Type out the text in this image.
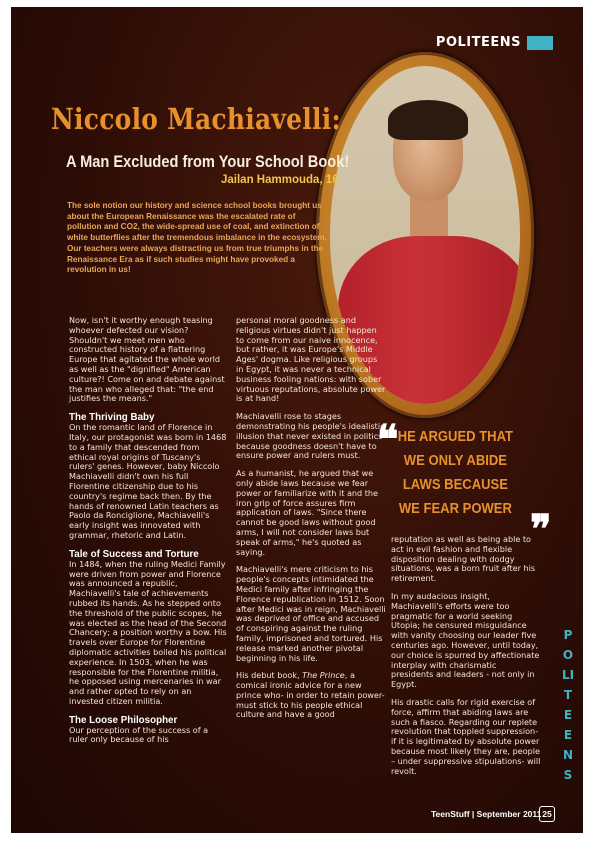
POLITEENS
Niccolo Machiavelli:
A Man Excluded from Your School Book!
Jailan Hammouda, 16

The sole notion our history and science school books brought us about the European Renaissance was the escalated rate of pollution and CO2, the wide-spread use of coal, and extinction of white butterflies after the tremendous imbalance in the ecosystem. Our teachers were always distracting us from true triumphs in the Renaissance Era as if such studies might have provoked a revolution in us!

Now, isn't it worthy enough teasing whoever defected our vision? Shouldn't we meet men who constructed history of a flattering Europe that agitated the whole world as well as the "dignified" American culture?! Come on and debate against the man who alleged that: "the end justifies the means."

The Thriving Baby

On the romantic land of Florence in Italy, our protagonist was born in 1468 to a family that descended from ethical royal origins of Tuscany's rulers' genes. However, baby Niccolo Machiavelli didn't own his full Florentine citizenship due to his country's regime back then. By the hands of renowned Latin teachers as Paolo da Ronciglione, Machiavelli's early insight was innovated with grammar, rhetoric and Latin.

Tale of Success and Torture

In 1484, when the ruling Medici Family were driven from power and Florence was announced a republic, Machiavelli's tale of achievements rubbed its hands. As he stepped onto the threshold of the public scopes, he was elected as the head of the Second Chancery; a position worthy a bow. His travels over Europe for Florentine diplomatic activities boiled his political experience. In 1503, when he was responsible for the Florentine militia, he opposed using mercenaries in war and rather opted to rely on an invested citizen militia.

The Loose Philosopher

Our perception of the success of a ruler only because of his

personal moral goodness and religious virtues didn't just happen to come from our naive innocence, but rather, it was Europe's Middle Ages' dogma. Like religious groups in Egypt, it was never a technical business fooling nations: with sober virtuous reputations, absolute power is at hand!

Machiavelli rose to stages demonstrating his people's idealistic illusion that never existed in politics because goodness doesn't have to ensure power and rulers must.

As a humanist, he argued that we only abide laws because we fear power or familiarize with it and the iron grip of force assures firm application of laws. "Since there cannot be good laws without good arms, I will not consider laws but speak of arms," he's quoted as saying.

Machiavelli's mere criticism to his people's concepts intimidated the Medici family after infringing the Florence republication in 1512. Soon after Medici was in reign, Machiavelli was deprived of office and accused of conspiring against the ruling family, imprisoned and tortured. His release marked another pivotal beginning in his life.

His debut book, The Prince, a comical ironic advice for a new prince who- in order to retain power- must stick to his people ethical culture and have a good

❝ HE ARGUED THAT
WE ONLY ABIDE
LAWS BECAUSE
WE FEAR POWER ❞

reputation as well as being able to act in evil fashion and flexible disposition dealing with dodgy situations, was a born fruit after his retirement.

In my audacious insight, Machiavelli's efforts were too pragmatic for a world seeking Utopia; he censured misguidance with vanity choosing our leader five centuries ago. However, until today, our choice is spurred by affectionate interplay with charismatic presidents and leaders - not only in Egypt.

His drastic calls for rigid exercise of force, affirm that abiding laws are such a fiasco. Regarding our replete revolution that toppled suppression- if it is legitimated by absolute power because most likely they are, people – under suppressive stipulations- will revolt.

POLITEENS
TeenStuff | September 2011 25
